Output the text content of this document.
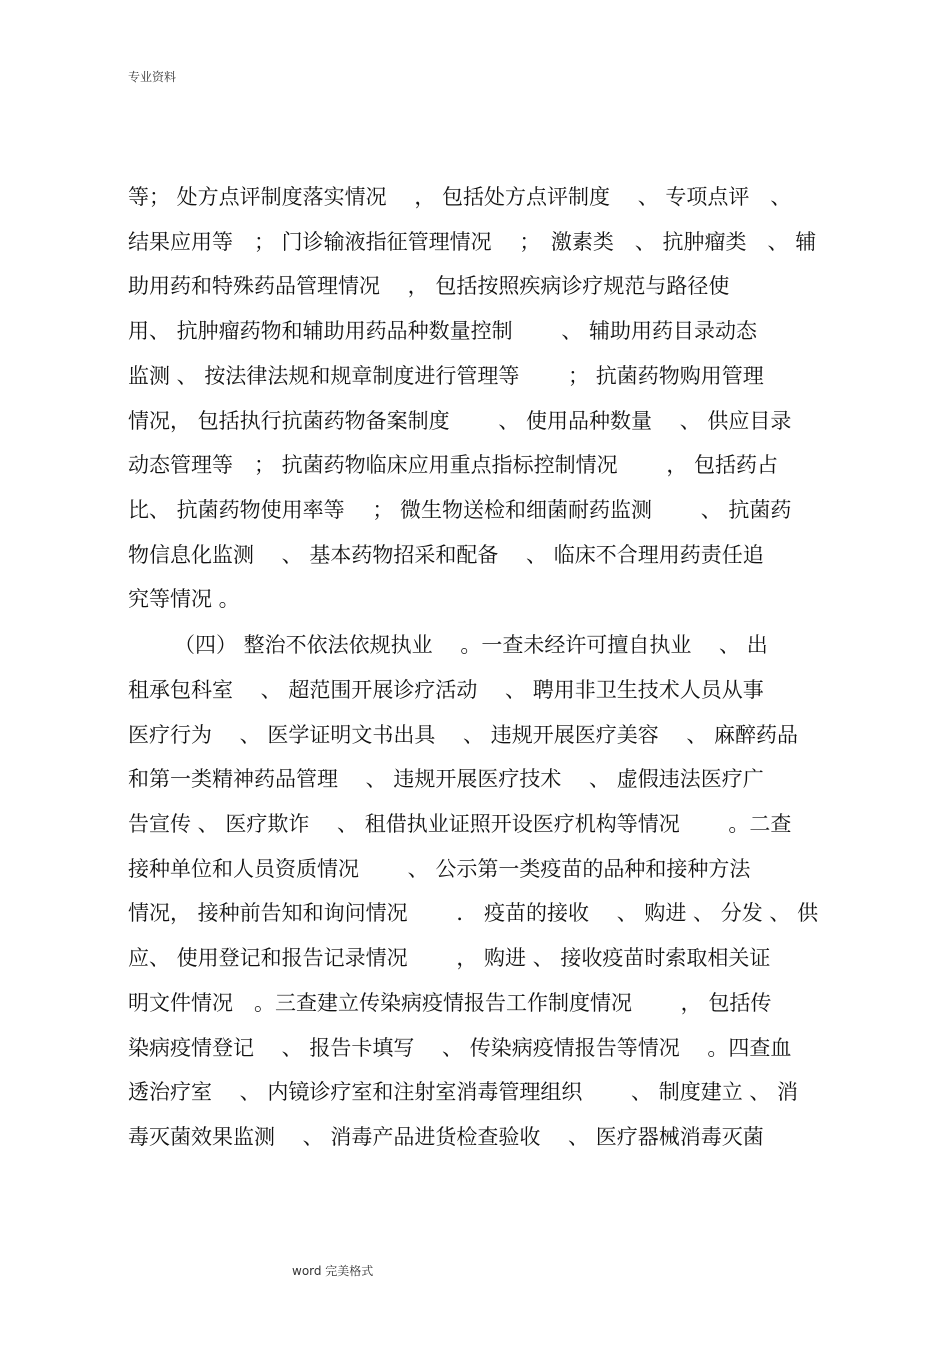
专业资料
等； 处方点评制度落实情况　 ， 包括处方点评制度　 、 专项点评　、
结果应用等　； 门诊输液指征管理情况　 ；　激素类　、 抗肿瘤类　、 辅
助用药和特殊药品管理情况　 ， 包括按照疾病诊疗规范与路径使
用、 抗肿瘤药物和辅助用药品种数量控制　　 、 辅助用药目录动态
监测 、 按法律法规和规章制度进行管理等　　 ； 抗菌药物购用管理
情况， 包括执行抗菌药物备案制度　　 、 使用品种数量　 、 供应目录
动态管理等　； 抗菌药物临床应用重点指标控制情况　　 ， 包括药占
比、 抗菌药物使用率等　 ； 微生物送检和细菌耐药监测　　 、 抗菌药
物信息化监测　 、 基本药物招采和配备　 、 临床不合理用药责任追
究等情况 。
（四） 整治不依法依规执业　 。一查未经许可擅自执业　 、 出
租承包科室　 、 超范围开展诊疗活动　 、 聘用非卫生技术人员从事
医疗行为　 、 医学证明文书出具　 、 违规开展医疗美容　 、 麻醉药品
和第一类精神药品管理　 、 违规开展医疗技术　 、 虚假违法医疗广
告宣传 、 医疗欺诈　 、 租借执业证照开设医疗机构等情况　　 。二查
接种单位和人员资质情况　　 、 公示第一类疫苗的品种和接种方法
情况， 接种前告知和询问情况　　 ． 疫苗的接收　 、 购进 、 分发 、 供
应、 使用登记和报告记录情况　　 ， 购进 、 接收疫苗时索取相关证
明文件情况　。三查建立传染病疫情报告工作制度情况　　 ， 包括传
染病疫情登记　 、 报告卡填写　 、 传染病疫情报告等情况　 。四查血
透治疗室　 、 内镜诊疗室和注射室消毒管理组织　　 、 制度建立 、 消
毒灭菌效果监测　 、 消毒产品进货检查验收　 、 医疗器械消毒灭菌
word 完美格式
